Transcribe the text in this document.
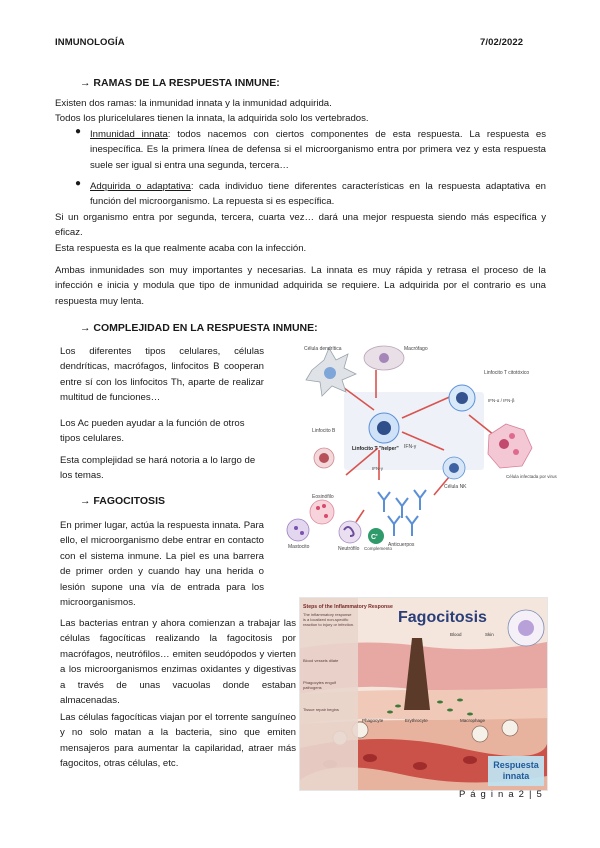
INMUNOLOGÍA	7/02/2022
→ RAMAS DE LA RESPUESTA INMUNE:
Existen dos ramas: la inmunidad innata y la inmunidad adquirida.
Todos los pluricelulares tienen la innata, la adquirida solo los vertebrados.
● Inmunidad innata: todos nacemos con ciertos componentes de esta respuesta. La respuesta es inespecífica. Es la primera línea de defensa si el microorganismo entra por primera vez y esta respuesta suele ser igual si entra una segunda, tercera…
● Adquirida o adaptativa: cada individuo tiene diferentes características en la respuesta adaptativa en función del microorganismo. La repuesta si es específica.
Si un organismo entra por segunda, tercera, cuarta vez… dará una mejor respuesta siendo más específica y eficaz.
Esta respuesta es la que realmente acaba con la infección.
Ambas inmunidades son muy importantes y necesarias. La innata es muy rápida y retrasa el proceso de la infección e inicia y modula que tipo de inmunidad adquirida se requiere. La adquirida por el contrario es una respuesta muy lenta.
→ COMPLEJIDAD EN LA RESPUESTA INMUNE:
Los diferentes tipos celulares, células dendríticas, macrófagos, linfocitos B cooperan entre sí con los linfocitos Th, aparte de realizar multitud de funciones…
Los Ac pueden ayudar a la función de otros tipos celulares.
Esta complejidad se hará notoria a lo largo de los temas.
→ FAGOCITOSIS
En primer lugar, actúa la respuesta innata. Para ello, el microorganismo debe entrar en contacto con el sistema inmune. La piel es una barrera de primer orden y cuando hay una herida o lesión supone una vía de entrada para los microorganismos.
Las bacterias entran y ahora comienzan a trabajar las células fagocíticas realizando la fagocitosis por macrófagos, neutrófilos… emiten seudópodos y vierten a los microorganismos enzimas oxidantes y digestivas a través de unas vacuolas donde estaban almacenadas.
Las células fagocíticas viajan por el torrente sanguíneo y no solo matan a la bacteria, sino que emiten mensajeros para aumentar la capilaridad, atraer más fagocitos, otras células, etc.
Célula dendrítica	Macrófago
Linfocito T "helper" IFN-γ
Linfocito T citotóxico
IFN-α / IFN-β
Célula infectada por virus
Linfocito B
IFN-γ
Célula NK
Eosinófilo
Mastocito	Neutrófilo
Anticuerpos
C'
Complemento
Steps of the Inflammatory Response
The inflammatory response is a localized non-specific reaction to injury or infection.
Blood vessels dilate
Phagocytes engulf pathogens
Tissue repair begins
Fagocitosis
Blood	Skin
Phagocyte	Erythrocyte	Macrophage
Respuesta innata
P á g i n a 2 | 5
